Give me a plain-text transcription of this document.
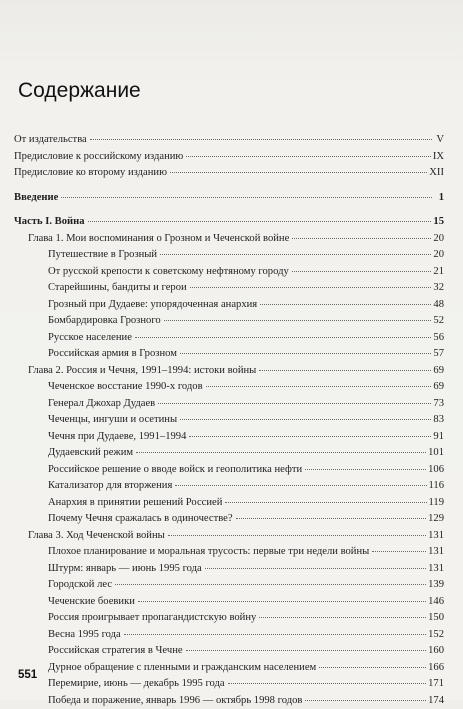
Содержание
От издательства	V
Предисловие к российскому изданию	IX
Предисловие ко второму изданию	XII
Введение	1
Часть I. Война	15
Глава 1. Мои воспоминания о Грозном и Чеченской войне	20
Путешествие в Грозный	20
От русской крепости к советскому нефтяному городу	21
Старейшины, бандиты и герои	32
Грозный при Дудаеве: упорядоченная анархия	48
Бомбардировка Грозного	52
Русское население	56
Российская армия в Грозном	57
Глава 2. Россия и Чечня, 1991–1994: истоки войны	69
Чеченское восстание 1990-х годов	69
Генерал Джохар Дудаев	73
Чеченцы, ингуши и осетины	83
Чечня при Дудаеве, 1991–1994	91
Дудаевский режим	101
Российское решение о вводе войск и геополитика нефти	106
Катализатор для вторжения	116
Анархия в принятии решений Россией	119
Почему Чечня сражалась в одиночестве?	129
Глава 3. Ход Чеченской войны	131
Плохое планирование и моральная трусость: первые три недели войны	131
Штурм: январь — июнь 1995 года	131
Городской лес	139
Чеченские боевики	146
Россия проигрывает пропагандистскую войну	150
Весна 1995 года	152
Российская стратегия в Чечне	160
Дурное обращение с пленными и гражданским населением	166
Перемирие, июнь — декабрь 1995 года	171
Победа и поражение, январь 1996 — октябрь 1998 годов	174

551
